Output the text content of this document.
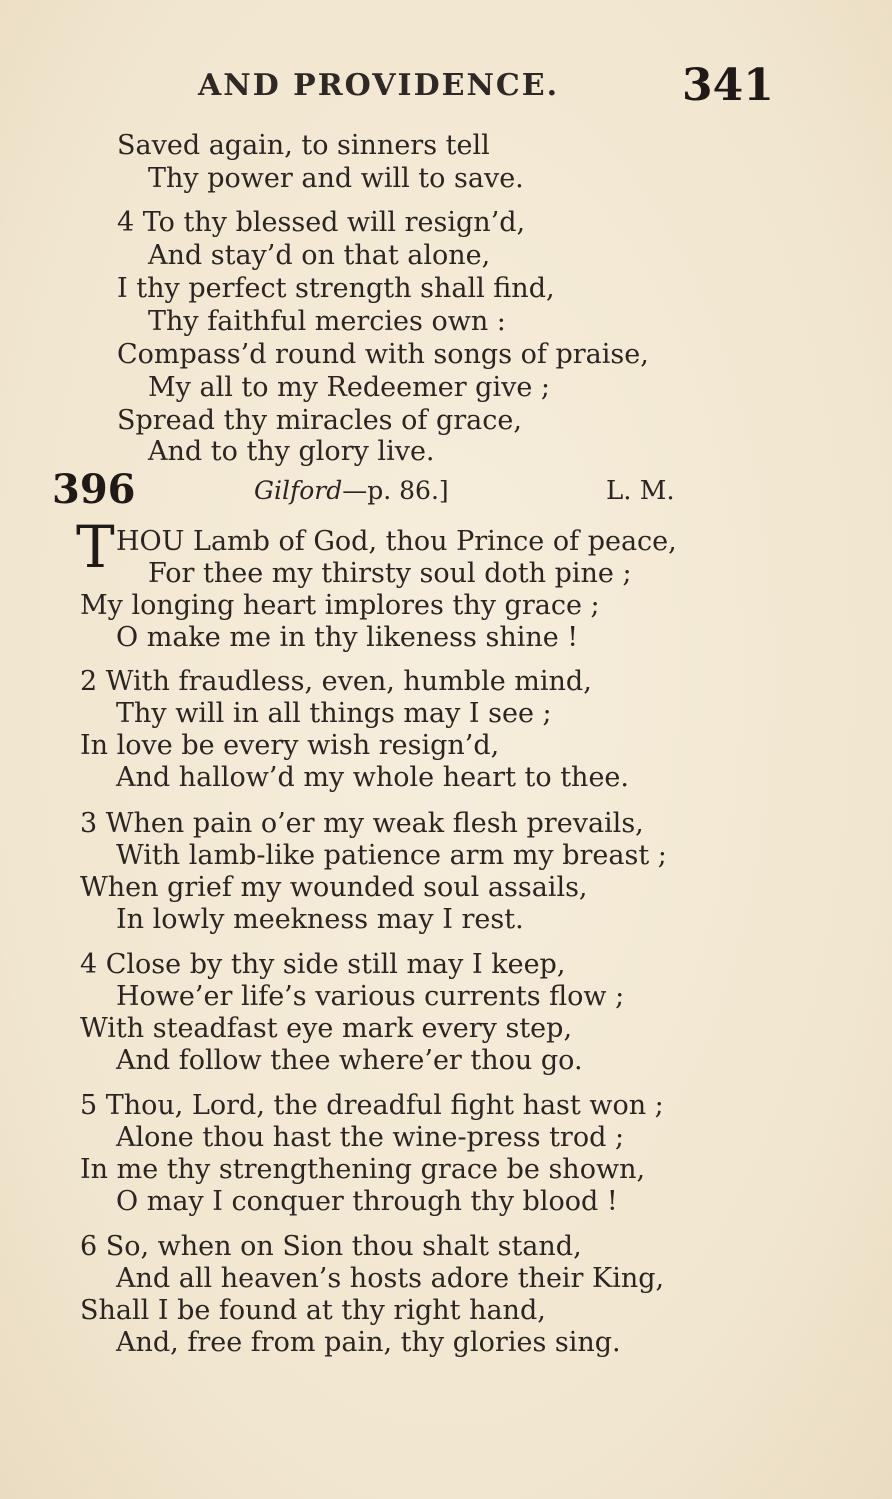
AND PROVIDENCE.	341
Saved again, to sinners tell
Thy power and will to save.
4 To thy blessed will resign’d,
And stay’d on that alone,
I thy perfect strength shall find,
Thy faithful mercies own :
Compass’d round with songs of praise,
My all to my Redeemer give ;
Spread thy miracles of grace,
And to thy glory live.
396	Gilford—p. 86.]	L. M.
T HOU Lamb of God, thou Prince of peace,
For thee my thirsty soul doth pine ;
My longing heart implores thy grace ;
O make me in thy likeness shine !
2 With fraudless, even, humble mind,
Thy will in all things may I see ;
In love be every wish resign’d,
And hallow’d my whole heart to thee.
3 When pain o’er my weak flesh prevails,
With lamb-like patience arm my breast ;
When grief my wounded soul assails,
In lowly meekness may I rest.
4 Close by thy side still may I keep,
Howe’er life’s various currents flow ;
With steadfast eye mark every step,
And follow thee where’er thou go.
5 Thou, Lord, the dreadful fight hast won ;
Alone thou hast the wine-press trod ;
In me thy strengthening grace be shown,
O may I conquer through thy blood !
6 So, when on Sion thou shalt stand,
And all heaven’s hosts adore their King,
Shall I be found at thy right hand,
And, free from pain, thy glories sing.
